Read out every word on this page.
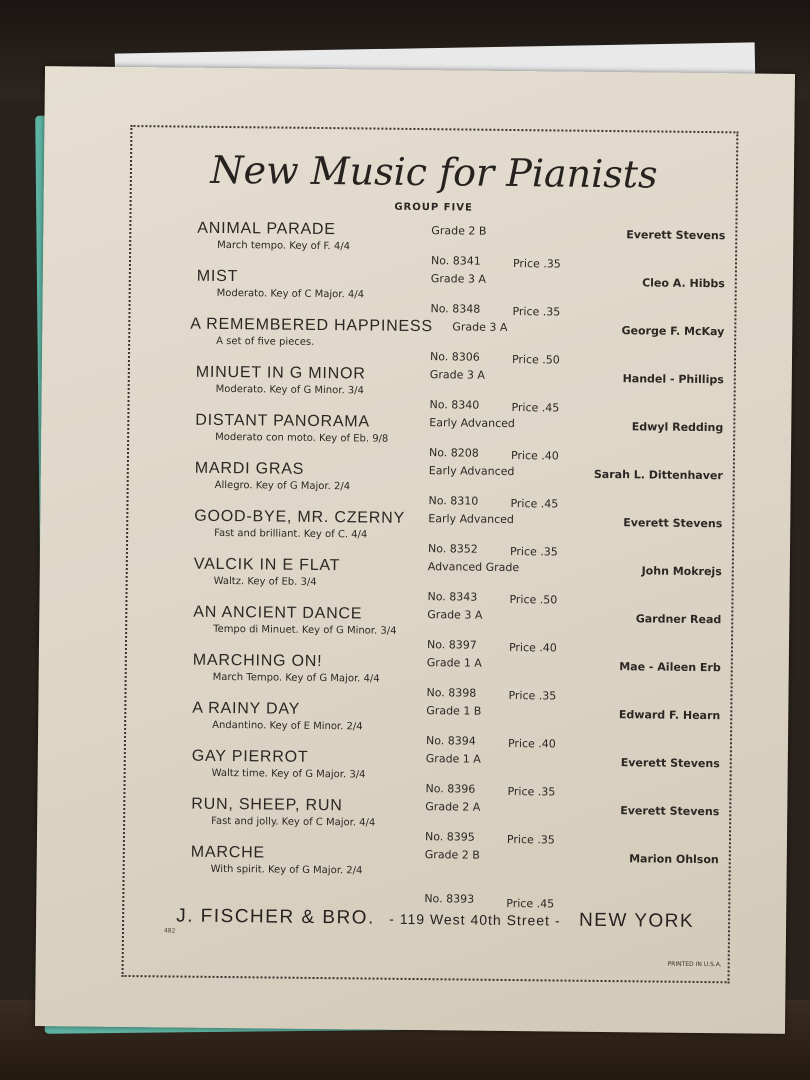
New Music for Pianists
GROUP FIVE
ANIMAL PARADE
March tempo. Key of F. 4/4
Grade 2 B	Everett Stevens
No. 8341	Price .35
MIST
Moderato. Key of C Major. 4/4
Grade 3 A	Cleo A. Hibbs
No. 8348	Price .35
A REMEMBERED HAPPINESS
A set of five pieces.
Grade 3 A	George F. McKay
No. 8306	Price .50
MINUET IN G MINOR
Moderato. Key of G Minor. 3/4
Grade 3 A	Handel - Phillips
No. 8340	Price .45
DISTANT PANORAMA
Moderato con moto. Key of Eb. 9/8
Early Advanced	Edwyl Redding
No. 8208	Price .40
MARDI GRAS
Allegro. Key of G Major. 2/4
Early Advanced	Sarah L. Dittenhaver
No. 8310	Price .45
GOOD-BYE, MR. CZERNY
Fast and brilliant. Key of C. 4/4
Early Advanced	Everett Stevens
No. 8352	Price .35
VALCIK IN E FLAT
Waltz. Key of Eb. 3/4
Advanced Grade	John Mokrejs
No. 8343	Price .50
AN ANCIENT DANCE
Tempo di Minuet. Key of G Minor. 3/4
Grade 3 A	Gardner Read
No. 8397	Price .40
MARCHING ON!
March Tempo. Key of G Major. 4/4
Grade 1 A	Mae - Aileen Erb
No. 8398	Price .35
A RAINY DAY
Andantino. Key of E Minor. 2/4
Grade 1 B	Edward F. Hearn
No. 8394	Price .40
GAY PIERROT
Waltz time. Key of G Major. 3/4
Grade 1 A	Everett Stevens
No. 8396	Price .35
RUN, SHEEP, RUN
Fast and jolly. Key of C Major. 4/4
Grade 2 A	Everett Stevens
No. 8395	Price .35
MARCHE
With spirit. Key of G Major. 2/4
Grade 2 B	Marion Ohlson
No. 8393	Price .45
J. FISCHER & BRO. - 119 West 40th Street - NEW YORK
482
PRINTED IN U.S.A.
